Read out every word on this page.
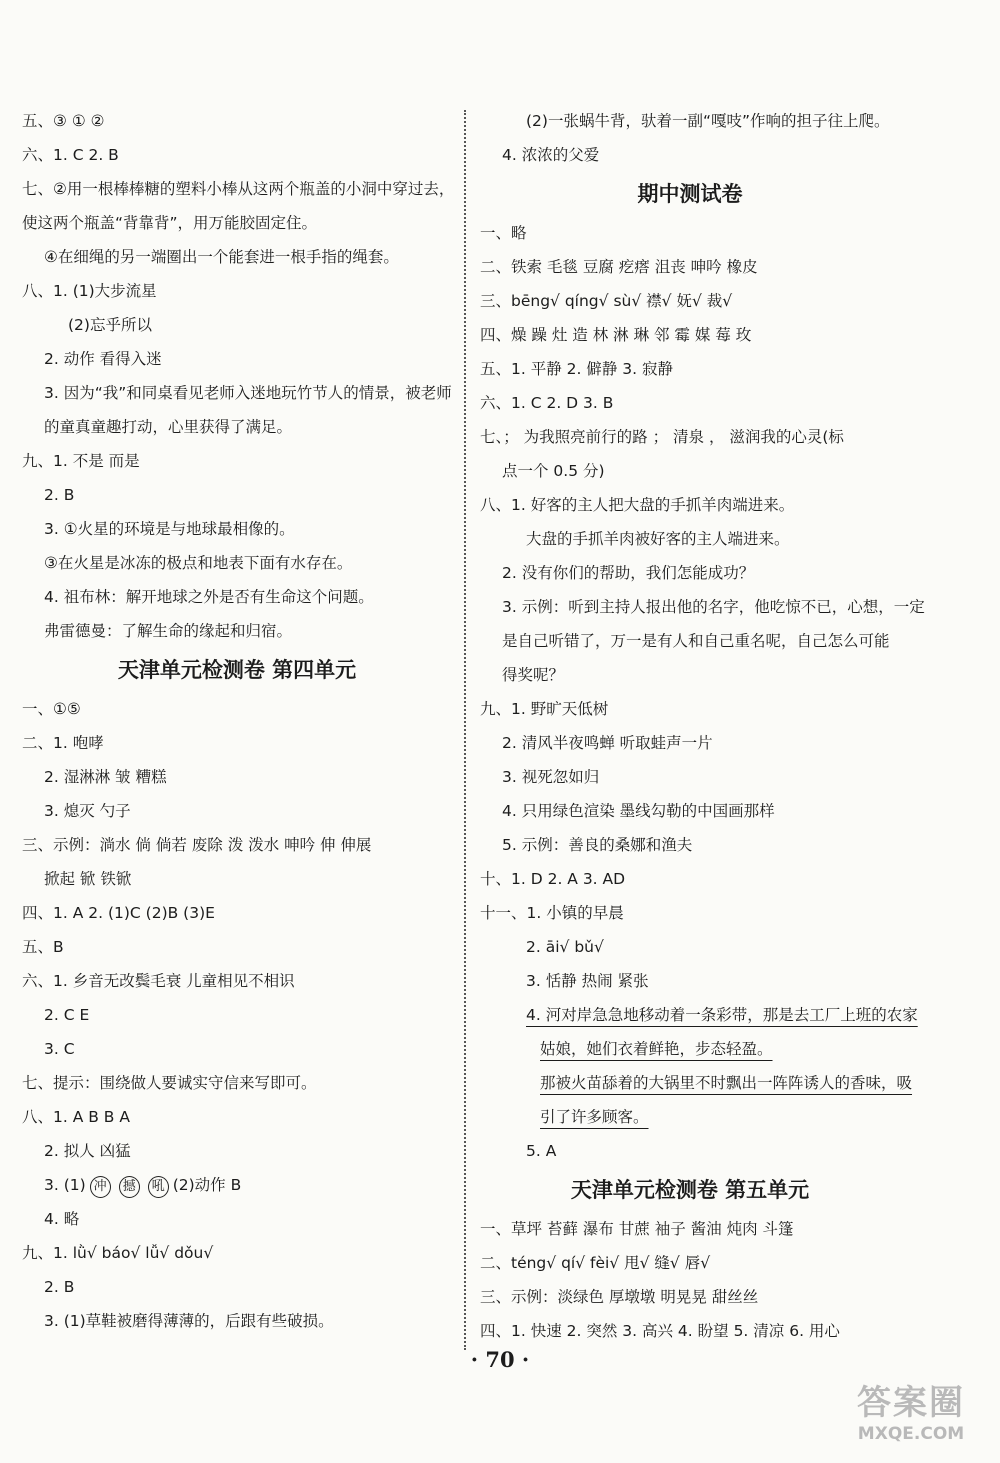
五、③ ① ②
六、1. C 2. B
七、②用一根棒棒糖的塑料小棒从这两个瓶盖的小洞中穿过去，
使这两个瓶盖“背靠背”，用万能胶固定住。
④在细绳的另一端圈出一个能套进一根手指的绳套。
八、1. (1)大步流星
(2)忘乎所以
2. 动作 看得入迷
3. 因为“我”和同桌看见老师入迷地玩竹节人的情景，被老师
的童真童趣打动，心里获得了满足。
九、1. 不是 而是
2. B
3. ①火星的环境是与地球最相像的。
③在火星是冰冻的极点和地表下面有水存在。
4. 祖布林：解开地球之外是否有生命这个问题。
弗雷德曼：了解生命的缘起和归宿。
天津单元检测卷 第四单元
一、①⑤
二、1. 咆哮
2. 湿淋淋 皱 糟糕
3. 熄灭 勺子
三、示例：淌水 倘 倘若 废除 泼 泼水 呻吟 伸 伸展
掀起 锨 铁锨
四、1. A 2. (1)C (2)B (3)E
五、B
六、1. 乡音无改鬓毛衰 儿童相见不相识
2. C E
3. C
七、提示：围绕做人要诚实守信来写即可。
八、1. A B B A
2. 拟人 凶猛
3. (1) 冲 撼 吼 (2)动作 B
4. 略
九、1. lǜ√ báo√ lǚ√ dǒu√
2. B
3. (1)草鞋被磨得薄薄的，后跟有些破损。
(2)一张蜗牛背，驮着一副“嘎吱”作响的担子往上爬。
4. 浓浓的父爱
期中测试卷
一、略
二、铁索 毛毯 豆腐 疙瘩 沮丧 呻吟 橡皮
三、bēng√ qíng√ sù√ 襟√ 妩√ 裁√
四、燥 躁 灶 造 林 淋 琳 邻 霉 媒 莓 玫
五、1. 平静 2. 僻静 3. 寂静
六、1. C 2. D 3. B
七、； 为我照亮前行的路 ； 清泉 ， 滋润我的心灵(标
点一个 0.5 分)
八、1. 好客的主人把大盘的手抓羊肉端进来。
大盘的手抓羊肉被好客的主人端进来。
2. 没有你们的帮助，我们怎能成功？
3. 示例：听到主持人报出他的名字，他吃惊不已，心想，一定
是自己听错了，万一是有人和自己重名呢，自己怎么可能
得奖呢？
九、1. 野旷天低树
2. 清风半夜鸣蝉 听取蛙声一片
3. 视死忽如归
4. 只用绿色渲染 墨线勾勒的中国画那样
5. 示例：善良的桑娜和渔夫
十、1. D 2. A 3. AD
十一、1. 小镇的早晨
2. āi√ bǔ√
3. 恬静 热闹 紧张
4. 河对岸急急地移动着一条彩带，那是去工厂上班的农家
姑娘，她们衣着鲜艳，步态轻盈。
那被火苗舔着的大锅里不时飘出一阵阵诱人的香味，吸
引了许多顾客。
5. A
天津单元检测卷 第五单元
一、草坪 苔藓 瀑布 甘蔗 袖子 酱油 炖肉 斗篷
二、téng√ qí√ fèi√ 甩√ 缝√ 唇√
三、示例：淡绿色 厚墩墩 明晃晃 甜丝丝
四、1. 快速 2. 突然 3. 高兴 4. 盼望 5. 清凉 6. 用心
· 70 ·
答案圈
MXQE.COM
